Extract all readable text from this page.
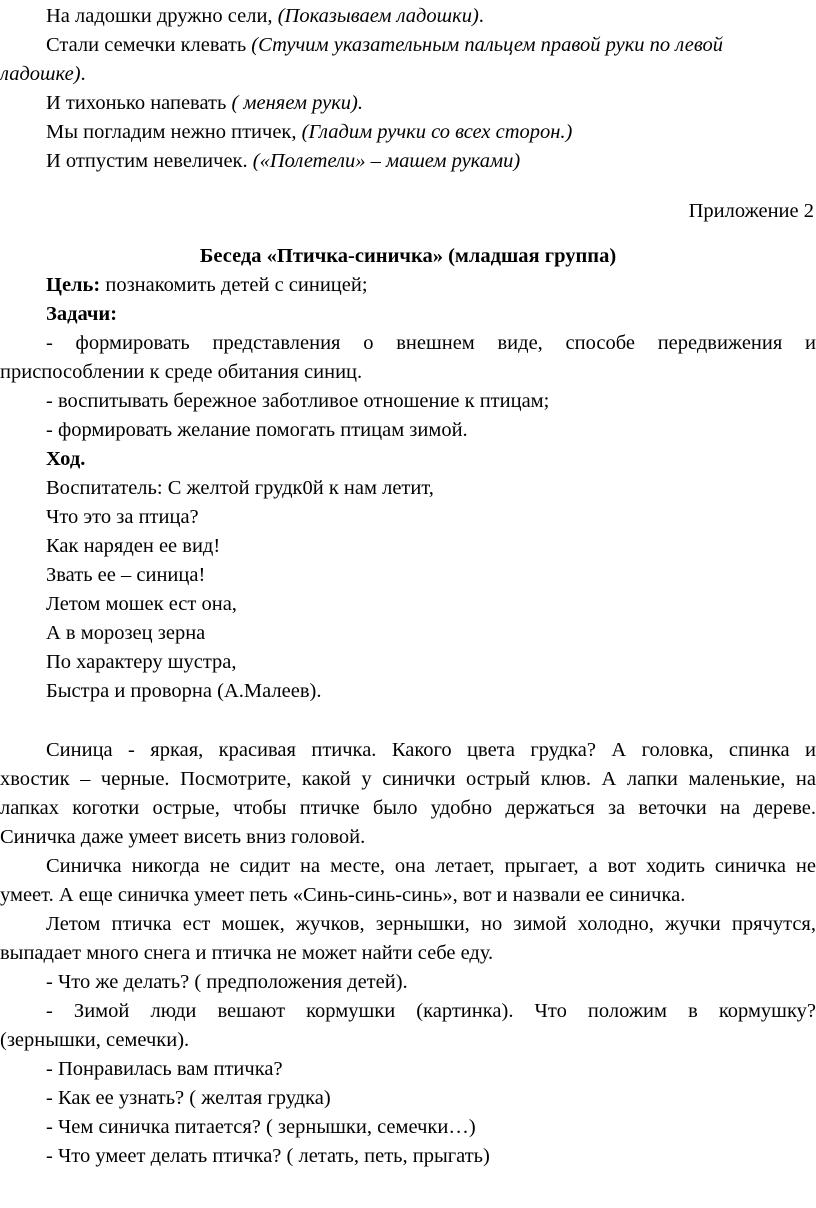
На ладошки дружно сели, (Показываем ладошки).
Стали семечки клевать (Стучим указательным пальцем правой руки по левой
ладошке).
И тихонько напевать ( меняем руки).
Мы погладим нежно птичек, (Гладим ручки со всех сторон.)
И отпустим невеличек. («Полетели» – машем руками)
Приложение 2
Беседа «Птичка-синичка» (младшая группа)
Цель: познакомить детей с синицей;
Задачи:
- формировать представления о внешнем виде, способе передвижения и
приспособлении к среде обитания синиц.
- воспитывать бережное заботливое отношение к птицам;
- формировать желание помогать птицам зимой.
Ход.
Воспитатель: С желтой грудк0й к нам летит,
Что это за птица?
Как наряден ее вид!
Звать ее – синица!
Летом мошек ест она,
А в морозец зерна
По характеру шустра,
Быстра и проворна (А.Малеев).
Синица - яркая, красивая птичка. Какого цвета грудка? А головка, спинка и
хвостик – черные. Посмотрите, какой у синички острый клюв. А лапки маленькие, на
лапках коготки острые, чтобы птичке было удобно держаться за веточки на дереве.
Синичка даже умеет висеть вниз головой.
Синичка никогда не сидит на месте, она летает, прыгает, а вот ходить синичка не
умеет. А еще синичка умеет петь «Синь-синь-синь», вот и назвали ее синичка.
Летом птичка ест мошек, жучков, зернышки, но зимой холодно, жучки прячутся,
выпадает много снега и птичка не может найти себе еду.
- Что же делать? ( предположения детей).
- Зимой люди вешают кормушки (картинка). Что положим в кормушку?
(зернышки, семечки).
- Понравилась вам птичка?
- Как ее узнать? ( желтая грудка)
- Чем синичка питается? ( зернышки, семечки…)
- Что умеет делать птичка? ( летать, петь, прыгать)
